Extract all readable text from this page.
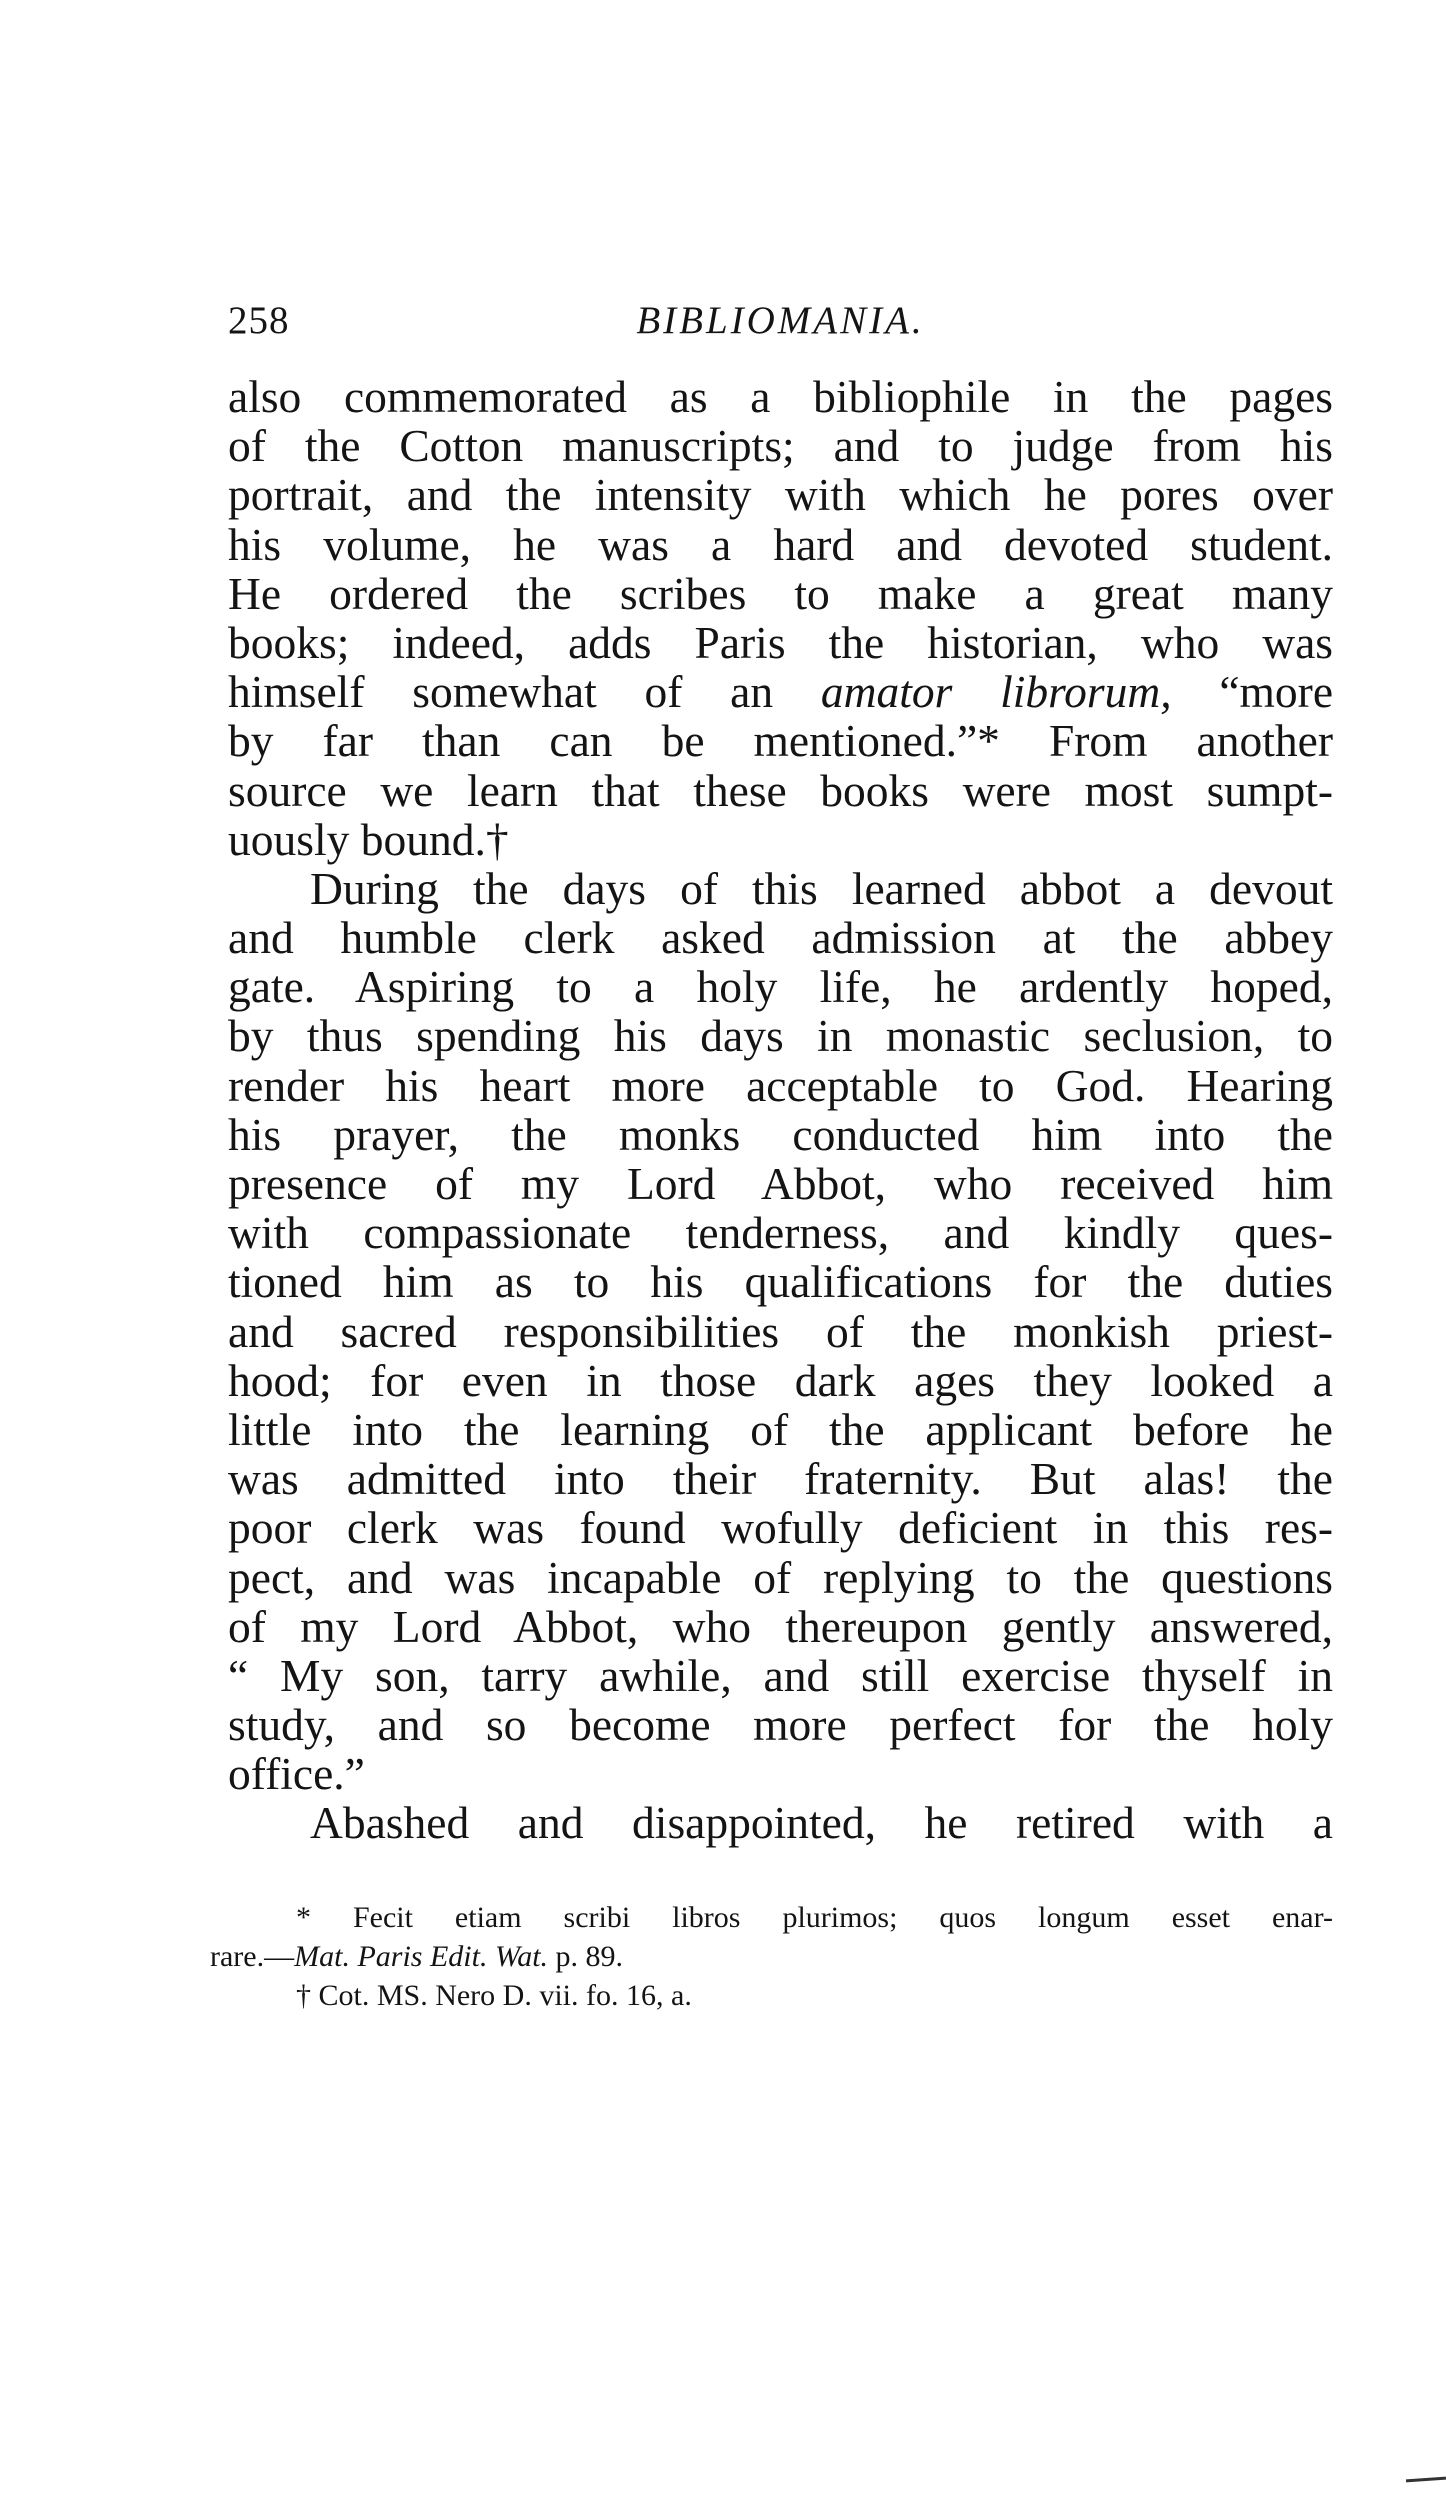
258	BIBLIOMANIA.
also commemorated as a bibliophile in the pages
of the Cotton manuscripts; and to judge from his
portrait, and the intensity with which he pores over
his volume, he was a hard and devoted student.
He ordered the scribes to make a great many
books; indeed, adds Paris the historian, who was
himself somewhat of an amator librorum, “more
by far than can be mentioned.”* From another
source we learn that these books were most sumpt-
uously bound.†
During the days of this learned abbot a devout
and humble clerk asked admission at the abbey
gate. Aspiring to a holy life, he ardently hoped,
by thus spending his days in monastic seclusion, to
render his heart more acceptable to God. Hearing
his prayer, the monks conducted him into the
presence of my Lord Abbot, who received him
with compassionate tenderness, and kindly ques-
tioned him as to his qualifications for the duties
and sacred responsibilities of the monkish priest-
hood; for even in those dark ages they looked a
little into the learning of the applicant before he
was admitted into their fraternity. But alas! the
poor clerk was found wofully deficient in this res-
pect, and was incapable of replying to the questions
of my Lord Abbot, who thereupon gently answered,
“ My son, tarry awhile, and still exercise thyself in
study, and so become more perfect for the holy
office.”
Abashed and disappointed, he retired with a
* Fecit etiam scribi libros plurimos; quos longum esset enar-
rare.—Mat. Paris Edit. Wat. p. 89.
† Cot. MS. Nero D. vii. fo. 16, a.
